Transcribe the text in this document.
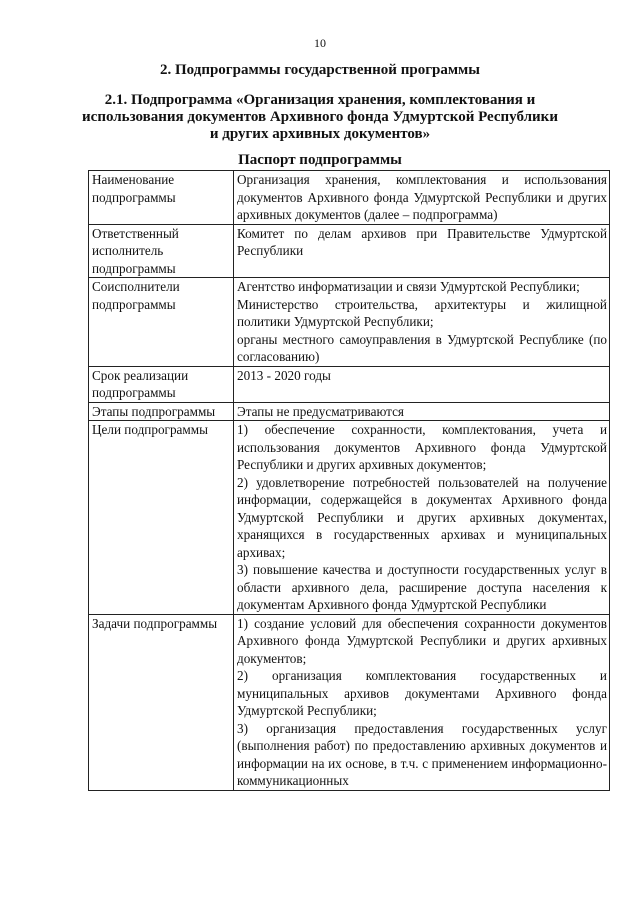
10
2. Подпрограммы государственной программы
2.1. Подпрограмма «Организация хранения, комплектования и использования документов Архивного фонда Удмуртской Республики и других архивных документов»
Паспорт подпрограммы
Наименование подпрограммы	Организация хранения, комплектования и использования документов Архивного фонда Удмуртской Республики и других архивных документов (далее – подпрограмма)

Ответственный исполнитель подпрограммы	Комитет по делам архивов при Правительстве Удмуртской Республики

Соисполнители подпрограммы	Агентство информатизации и связи Удмуртской Республики;
Министерство строительства, архитектуры и жилищной политики Удмуртской Республики;
органы местного самоуправления в Удмуртской Республике (по согласованию)

Срок реализации подпрограммы	2013 - 2020 годы

Этапы подпрограммы	Этапы не предусматриваются

Цели подпрограммы	1) обеспечение сохранности, комплектования, учета и использования документов Архивного фонда Удмуртской Республики и других архивных документов;
2) удовлетворение потребностей пользователей на получение информации, содержащейся в документах Архивного фонда Удмуртской Республики и других архивных документах, хранящихся в государственных архивах и муниципальных архивах;
3) повышение качества и доступности государственных услуг в области архивного дела, расширение доступа населения к документам Архивного фонда Удмуртской Республики

Задачи подпрограммы	1) создание условий для обеспечения сохранности документов Архивного фонда Удмуртской Республики и других архивных документов;
2) организация комплектования государственных и муниципальных архивов документами Архивного фонда Удмуртской Республики;
3) организация предоставления государственных услуг (выполнения работ) по предоставлению архивных документов и информации на их основе, в т.ч. с применением информационно-коммуникационных
